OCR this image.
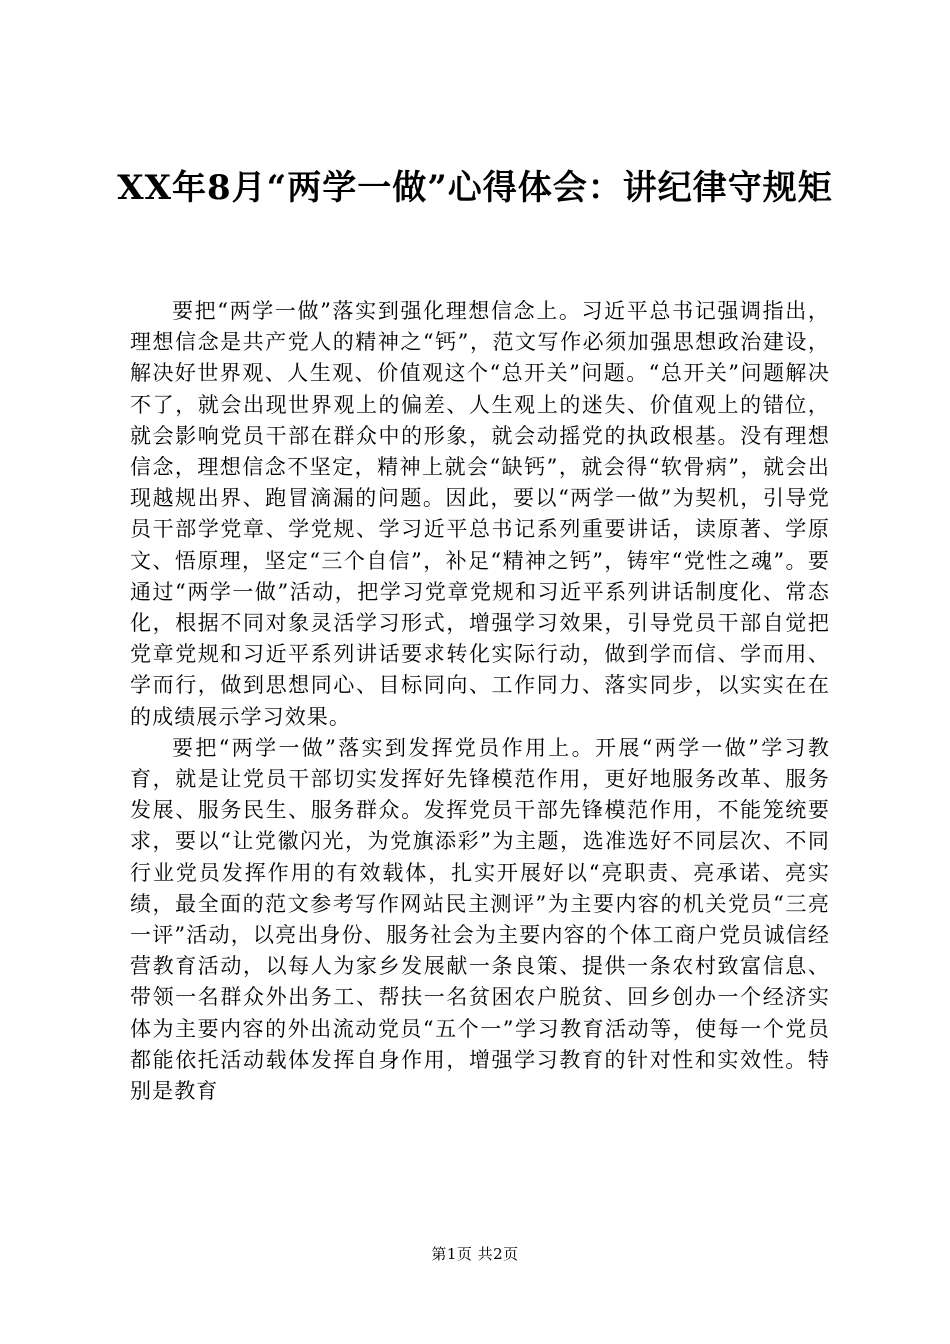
XX年8月“两学一做”心得体会：讲纪律守规矩

要把“两学一做”落实到强化理想信念上。习近平总书记强调指出，理想信念是共产党人的精神之“钙”，范文写作必须加强思想政治建设，解决好世界观、人生观、价值观这个“总开关”问题。“总开关”问题解决不了，就会出现世界观上的偏差、人生观上的迷失、价值观上的错位，就会影响党员干部在群众中的形象，就会动摇党的执政根基。没有理想信念，理想信念不坚定，精神上就会“缺钙”，就会得“软骨病”，就会出现越规出界、跑冒滴漏的问题。因此，要以“两学一做”为契机，引导党员干部学党章、学党规、学习近平总书记系列重要讲话，读原著、学原文、悟原理，坚定“三个自信”，补足“精神之钙”，铸牢“党性之魂”。要通过“两学一做”活动，把学习党章党规和习近平系列讲话制度化、常态化，根据不同对象灵活学习形式，增强学习效果，引导党员干部自觉把党章党规和习近平系列讲话要求转化实际行动，做到学而信、学而用、学而行，做到思想同心、目标同向、工作同力、落实同步，以实实在在的成绩展示学习效果。

要把“两学一做”落实到发挥党员作用上。开展“两学一做”学习教育，就是让党员干部切实发挥好先锋模范作用，更好地服务改革、服务发展、服务民生、服务群众。发挥党员干部先锋模范作用，不能笼统要求，要以“让党徽闪光，为党旗添彩”为主题，选准选好不同层次、不同行业党员发挥作用的有效载体，扎实开展好以“亮职责、亮承诺、亮实绩，最全面的范文参考写作网站民主测评”为主要内容的机关党员“三亮一评”活动，以亮出身份、服务社会为主要内容的个体工商户党员诚信经营教育活动，以每人为家乡发展献一条良策、提供一条农村致富信息、带领一名群众外出务工、帮扶一名贫困农户脱贫、回乡创办一个经济实体为主要内容的外出流动党员“五个一”学习教育活动等，使每一个党员都能依托活动载体发挥自身作用，增强学习教育的针对性和实效性。特别是教育

第1页 共2页
